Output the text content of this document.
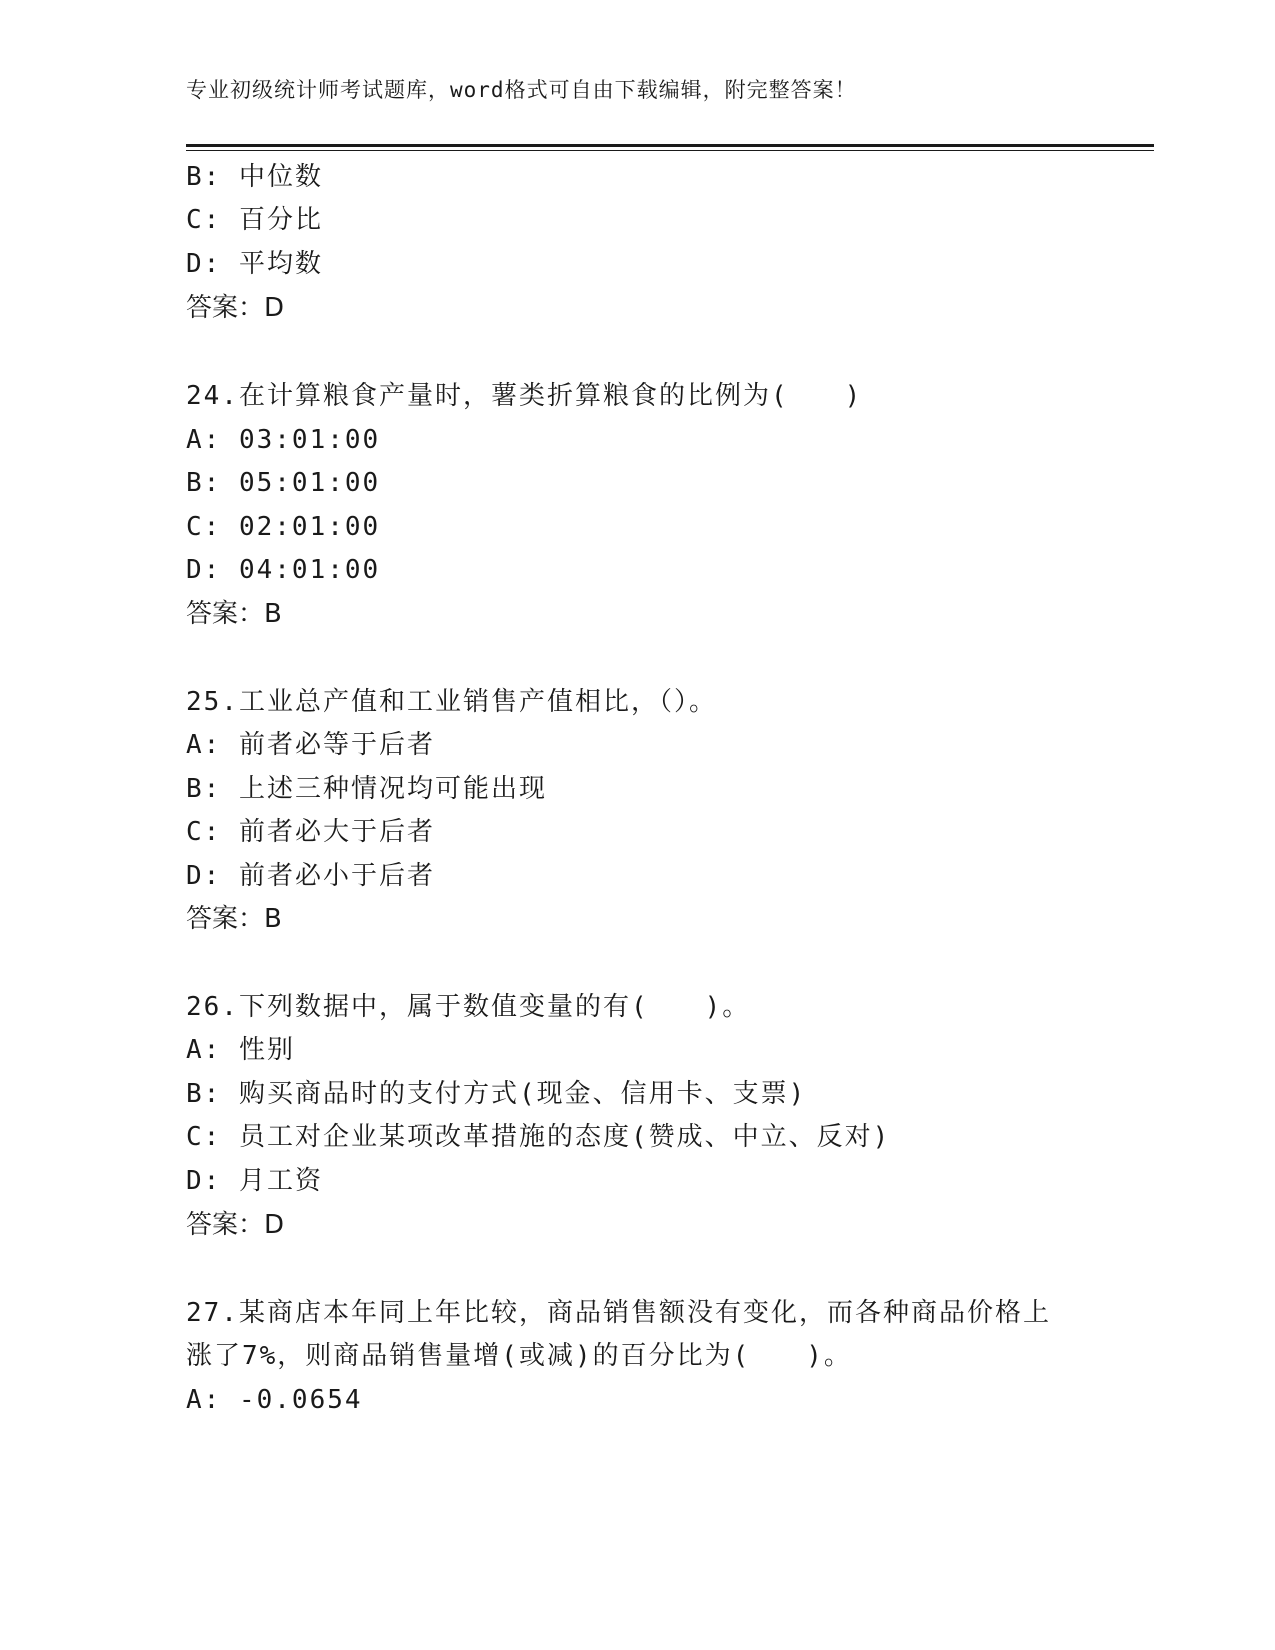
专业初级统计师考试题库，word格式可自由下载编辑，附完整答案！
B: 中位数
C: 百分比
D: 平均数
答案：D
24.在计算粮食产量时，薯类折算粮食的比例为(　　)
A: 03:01:00
B: 05:01:00
C: 02:01:00
D: 04:01:00
答案：B
25.工业总产值和工业销售产值相比，（）。
A: 前者必等于后者
B: 上述三种情况均可能出现
C: 前者必大于后者
D: 前者必小于后者
答案：B
26.下列数据中，属于数值变量的有(　　)。
A: 性别
B: 购买商品时的支付方式(现金、信用卡、支票)
C: 员工对企业某项改革措施的态度(赞成、中立、反对)
D: 月工资
答案：D
27.某商店本年同上年比较，商品销售额没有变化，而各种商品价格上
涨了7%，则商品销售量增(或减)的百分比为(　　)。
A: -0.0654
